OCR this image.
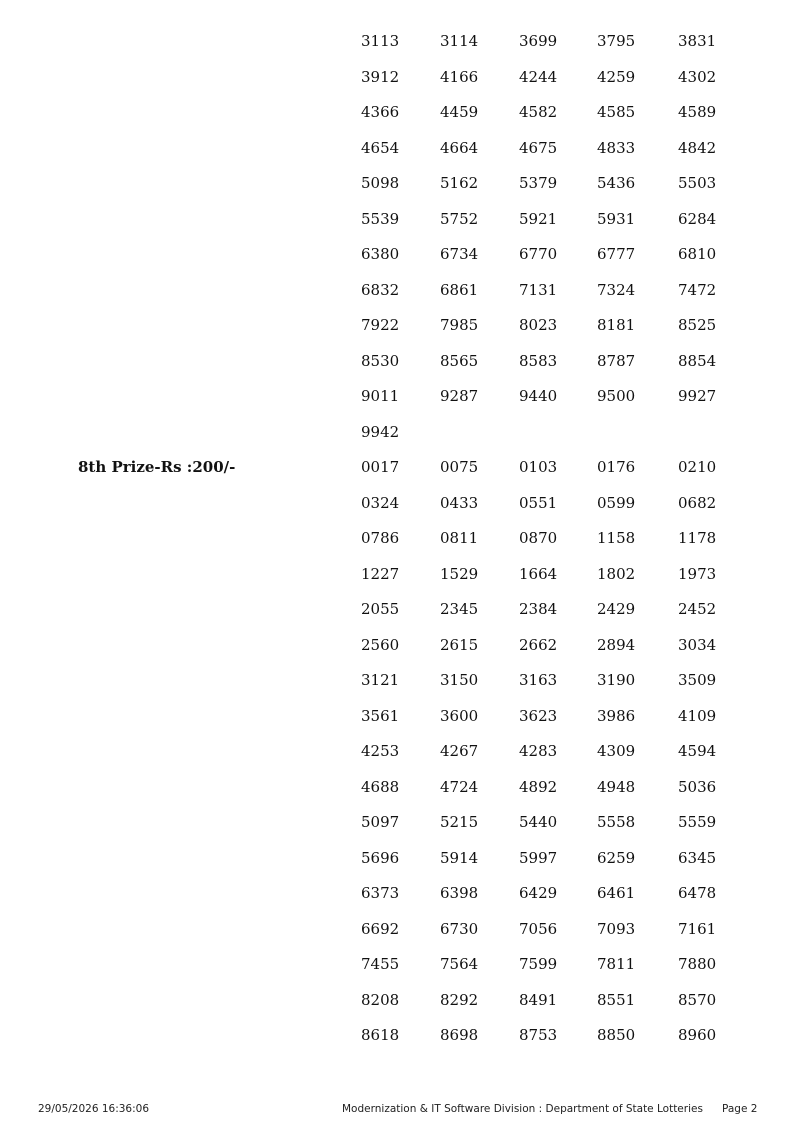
3113	3114	3699	3795	3831
3912	4166	4244	4259	4302
4366	4459	4582	4585	4589
4654	4664	4675	4833	4842
5098	5162	5379	5436	5503
5539	5752	5921	5931	6284
6380	6734	6770	6777	6810
6832	6861	7131	7324	7472
7922	7985	8023	8181	8525
8530	8565	8583	8787	8854
9011	9287	9440	9500	9927
9942
8th Prize-Rs :200/-	0017	0075	0103	0176	0210
0324	0433	0551	0599	0682
0786	0811	0870	1158	1178
1227	1529	1664	1802	1973
2055	2345	2384	2429	2452
2560	2615	2662	2894	3034
3121	3150	3163	3190	3509
3561	3600	3623	3986	4109
4253	4267	4283	4309	4594
4688	4724	4892	4948	5036
5097	5215	5440	5558	5559
5696	5914	5997	6259	6345
6373	6398	6429	6461	6478
6692	6730	7056	7093	7161
7455	7564	7599	7811	7880
8208	8292	8491	8551	8570
8618	8698	8753	8850	8960
29/05/2026 16:36:06	Modernization & IT Software Division : Department of State Lotteries Page 2
